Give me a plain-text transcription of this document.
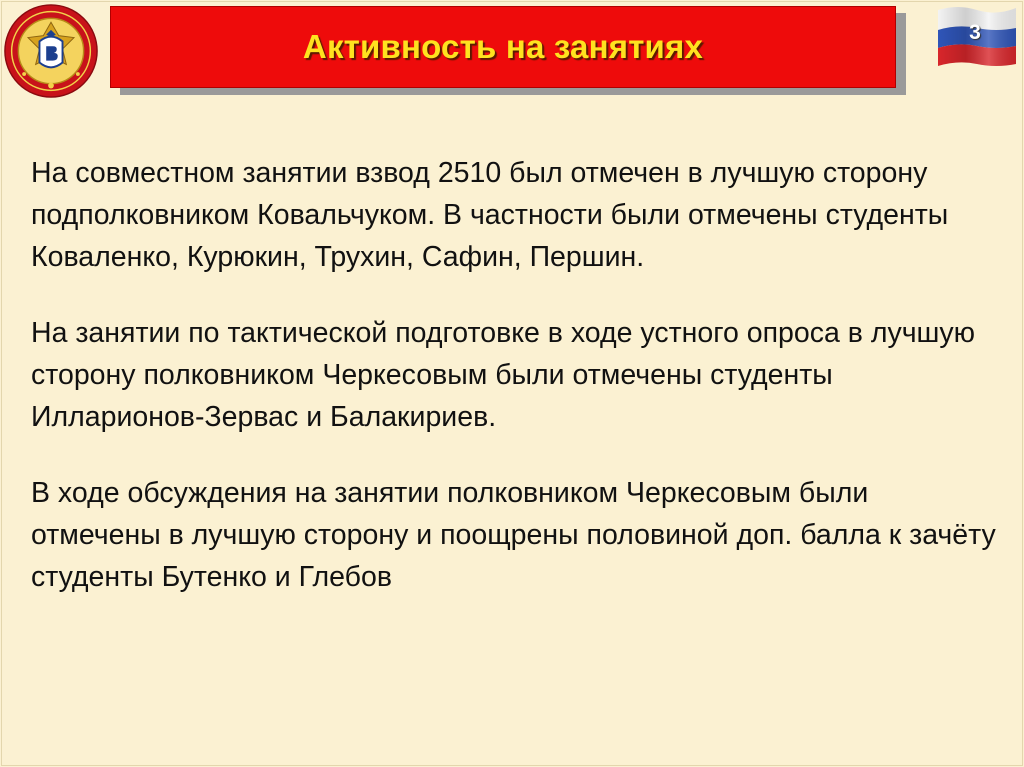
Активность на занятиях	3

На совместном занятии взвод 2510 был отмечен в лучшую сторону подполковником Ковальчуком. В частности были отмечены студенты Коваленко, Курюкин, Трухин, Сафин, Першин.

На занятии по тактической подготовке в ходе устного опроса в лучшую сторону полковником Черкесовым были отмечены студенты Илларионов-Зервас и Балакириев.

В ходе обсуждения на занятии полковником Черкесовым были отмечены в лучшую сторону и поощрены половиной доп. балла к зачёту студенты Бутенко и Глебов
